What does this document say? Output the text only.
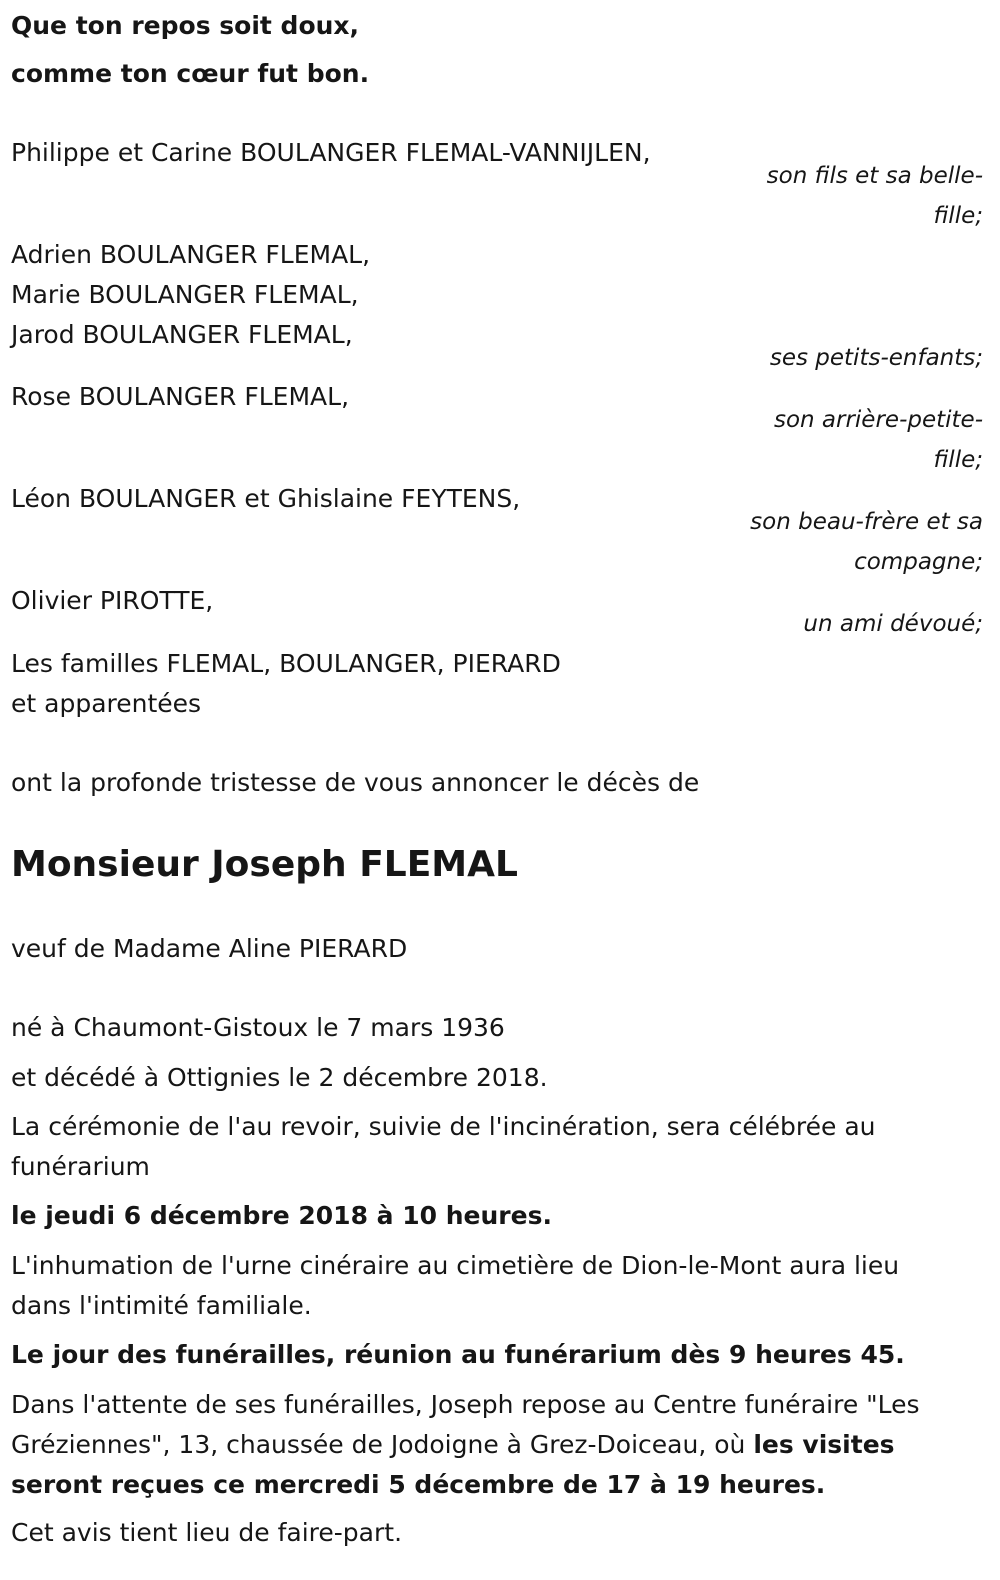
Que ton repos soit doux,
comme ton cœur fut bon.
Philippe et Carine BOULANGER FLEMAL-VANNIJLEN,
son fils et sa belle-
fille;
Adrien BOULANGER FLEMAL,
Marie BOULANGER FLEMAL,
Jarod BOULANGER FLEMAL,
ses petits-enfants;
Rose BOULANGER FLEMAL,
son arrière-petite-
fille;
Léon BOULANGER et Ghislaine FEYTENS,
son beau-frère et sa
compagne;
Olivier PIROTTE,
un ami dévoué;
Les familles FLEMAL, BOULANGER, PIERARD
et apparentées
ont la profonde tristesse de vous annoncer le décès de
Monsieur Joseph FLEMAL
veuf de Madame Aline PIERARD
né à Chaumont-Gistoux le 7 mars 1936
et décédé à Ottignies le 2 décembre 2018.
La cérémonie de l'au revoir, suivie de l'incinération, sera célébrée au
funérarium
le jeudi 6 décembre 2018 à 10 heures.
L'inhumation de l'urne cinéraire au cimetière de Dion-le-Mont aura lieu
dans l'intimité familiale.
Le jour des funérailles, réunion au funérarium dès 9 heures 45.
Dans l'attente de ses funérailles, Joseph repose au Centre funéraire "Les
Gréziennes", 13, chaussée de Jodoigne à Grez-Doiceau, où les visites
seront reçues ce mercredi 5 décembre de 17 à 19 heures.
Cet avis tient lieu de faire-part.
